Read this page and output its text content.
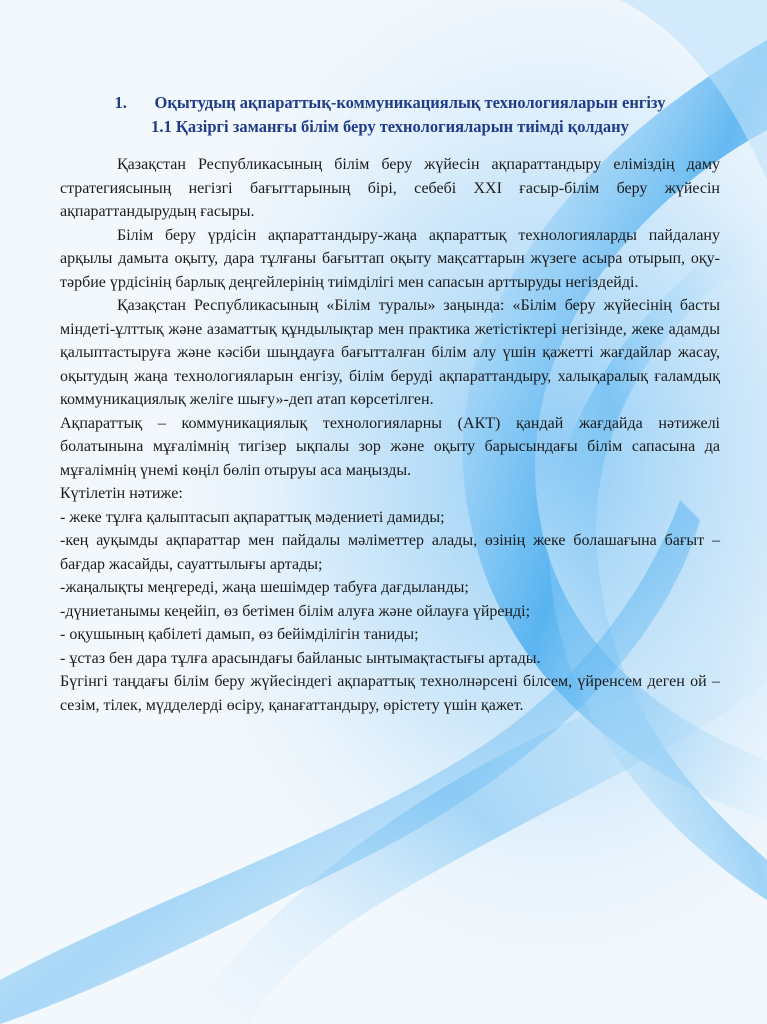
1. Оқытудың ақпараттық-коммуникациялық технологияларын енгізу
1.1 Қазіргі заманғы білім беру технологияларын тиімді қолдану

Қазақстан Республикасының білім беру жүйесін ақпараттандыру еліміздің даму стратегиясының негізгі бағыттарының бірі, себебі XXI ғасыр-білім беру жүйесін ақпараттандырудың ғасыры.

Білім беру үрдісін ақпараттандыру-жаңа ақпараттық технологияларды пайдалану арқылы дамыта оқыту, дара тұлғаны бағыттап оқыту мақсаттарын жүзеге асыра отырып, оқу-тәрбие үрдісінің барлық деңгейлерінің тиімділігі мен сапасын арттыруды негіздейді.

Қазақстан Республикасының «Білім туралы» заңында: «Білім беру жүйесінің басты міндеті-ұлттық және азаматтық құндылықтар мен практика жетістіктері негізінде, жеке адамды қалыптастыруға және кәсіби шыңдауға бағытталған білім алу үшін қажетті жағдайлар жасау, оқытудың жаңа технологияларын енгізу, білім беруді ақпараттандыру, халықаралық ғаламдық коммуникациялық желіге шығу»-деп атап көрсетілген.

Ақпараттық – коммуникациялық технологияларны (АКТ) қандай жағдайда нәтижелі болатынына мұғалімнің тигізер ықпалы зор және оқыту барысындағы білім сапасына да мұғалімнің үнемі көңіл бөліп отыруы аса маңызды.

Күтілетін нәтиже:

- жеке тұлға қалыптасып ақпараттық мәдениеті дамиды;
-кең ауқымды ақпараттар мен пайдалы мәліметтер алады, өзінің жеке болашағына бағыт – бағдар жасайды, сауаттылығы артады;
-жаңалықты меңгереді, жаңа шешімдер табуға дағдыланды;
-дүниетанымы кеңейіп, өз бетімен білім алуға және ойлауға үйренді;
- оқушының қабілеті дамып, өз бейімділігін таниды;
- ұстаз бен дара тұлға арасындағы байланыс ынтымақтастығы артады.

Бүгінгі таңдағы білім беру жүйесіндегі ақпараттық технолнәрсені білсем, үйренсем деген ой – сезім, тілек, мүдделерді өсіру, қанағаттандыру, өрістету үшін қажет.
